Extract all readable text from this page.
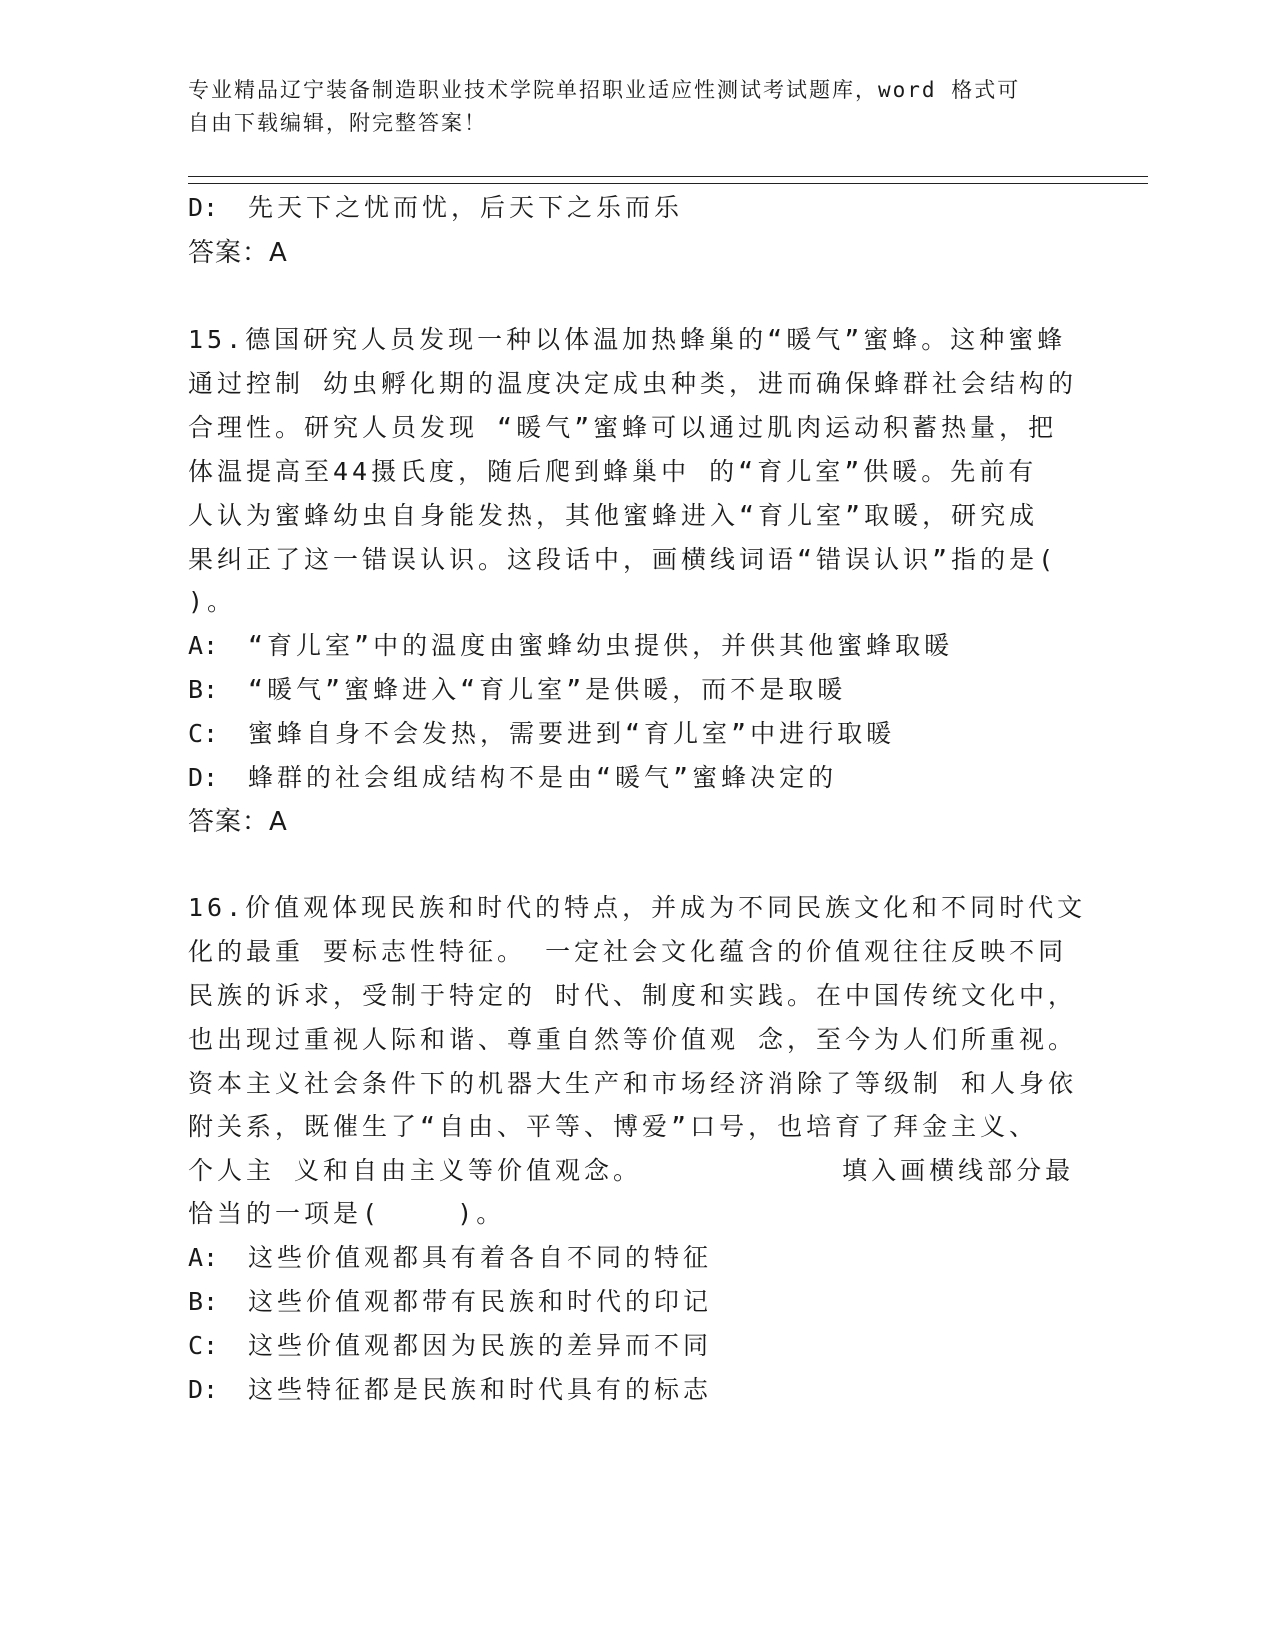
专业精品辽宁装备制造职业技术学院单招职业适应性测试考试题库，word 格式可
自由下载编辑，附完整答案！
D: 先天下之忧而忧，后天下之乐而乐
答案：A
15.德国研究人员发现一种以体温加热蜂巢的“暖气”蜜蜂。这种蜜蜂
通过控制 幼虫孵化期的温度决定成虫种类，进而确保蜂群社会结构的
合理性。研究人员发现 “暖气”蜜蜂可以通过肌肉运动积蓄热量，把
体温提高至44摄氏度，随后爬到蜂巢中 的“育儿室”供暖。先前有
人认为蜜蜂幼虫自身能发热，其他蜜蜂进入“育儿室”取暖，研究成
果纠正了这一错误认识。这段话中，画横线词语“错误认识”指的是(
)。
A: “育儿室”中的温度由蜜蜂幼虫提供，并供其他蜜蜂取暖
B: “暖气”蜜蜂进入“育儿室”是供暖，而不是取暖
C: 蜜蜂自身不会发热，需要进到“育儿室”中进行取暖
D: 蜂群的社会组成结构不是由“暖气”蜜蜂决定的
答案：A
16.价值观体现民族和时代的特点，并成为不同民族文化和不同时代文
化的最重 要标志性特征。 一定社会文化蕴含的价值观往往反映不同
民族的诉求，受制于特定的 时代、制度和实践。在中国传统文化中，
也出现过重视人际和谐、尊重自然等价值观 念，至今为人们所重视。
资本主义社会条件下的机器大生产和市场经济消除了等级制 和人身依
附关系，既催生了“自由、平等、博爱”口号，也培育了拜金主义、
个人主 义和自由主义等价值观念。	填入画横线部分最
恰当的一项是(    )。
A: 这些价值观都具有着各自不同的特征
B: 这些价值观都带有民族和时代的印记
C: 这些价值观都因为民族的差异而不同
D: 这些特征都是民族和时代具有的标志
